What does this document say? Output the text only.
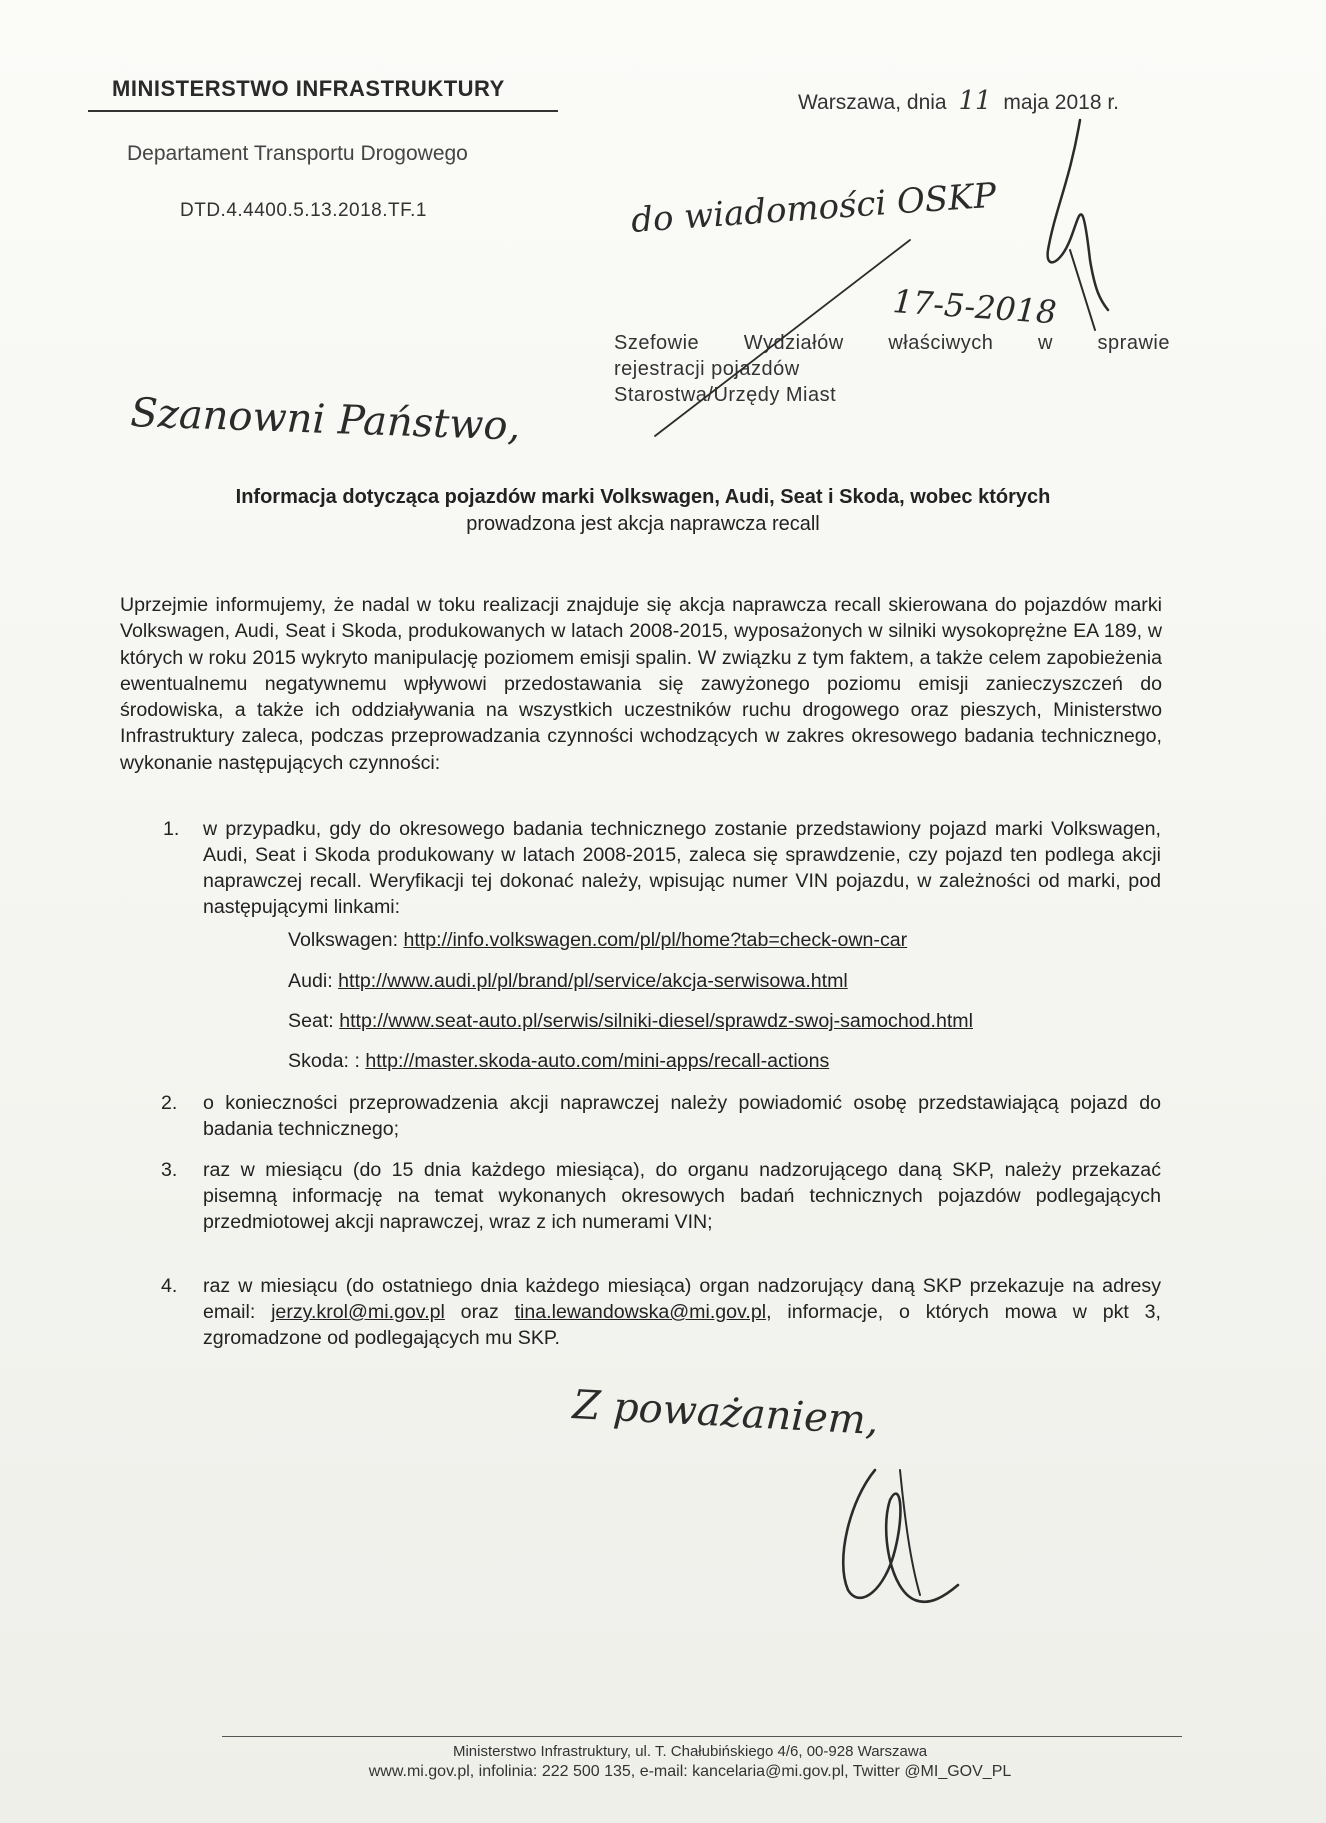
MINISTERSTWO INFRASTRUKTURY
Warszawa, dnia 11 maja 2018 r.
Departament Transportu Drogowego
DTD.4.4400.5.13.2018.TF.1
Szefowie Wydziałów właściwych w sprawie
rejestracji pojazdów
Starostwa/Urzędy Miast
Informacja dotycząca pojazdów marki Volkswagen, Audi, Seat i Skoda, wobec których
prowadzona jest akcja naprawcza recall
Uprzejmie informujemy, że nadal w toku realizacji znajduje się akcja naprawcza recall skierowana do pojazdów marki Volkswagen, Audi, Seat i Skoda, produkowanych w latach 2008-2015, wyposażonych w silniki wysokoprężne EA 189, w których w roku 2015 wykryto manipulację poziomem emisji spalin. W związku z tym faktem, a także celem zapobieżenia ewentualnemu negatywnemu wpływowi przedostawania się zawyżonego poziomu emisji zanieczyszczeń do środowiska, a także ich oddziaływania na wszystkich uczestników ruchu drogowego oraz pieszych, Ministerstwo Infrastruktury zaleca, podczas przeprowadzania czynności wchodzących w zakres okresowego badania technicznego, wykonanie następujących czynności:
1.	w przypadku, gdy do okresowego badania technicznego zostanie przedstawiony pojazd marki Volkswagen, Audi, Seat i Skoda produkowany w latach 2008-2015, zaleca się sprawdzenie, czy pojazd ten podlega akcji naprawczej recall. Weryfikacji tej dokonać należy, wpisując numer VIN pojazdu, w zależności od marki, pod następującymi linkami:
Volkswagen: http://info.volkswagen.com/pl/pl/home?tab=check-own-car
Audi: http://www.audi.pl/pl/brand/pl/service/akcja-serwisowa.html
Seat: http://www.seat-auto.pl/serwis/silniki-diesel/sprawdz-swoj-samochod.html
Skoda: : http://master.skoda-auto.com/mini-apps/recall-actions
2.	o konieczności przeprowadzenia akcji naprawczej należy powiadomić osobę przedstawiającą pojazd do badania technicznego;
3.	raz w miesiącu (do 15 dnia każdego miesiąca), do organu nadzorującego daną SKP, należy przekazać pisemną informację na temat wykonanych okresowych badań technicznych pojazdów podlegających przedmiotowej akcji naprawczej, wraz z ich numerami VIN;
4.	raz w miesiącu (do ostatniego dnia każdego miesiąca) organ nadzorujący daną SKP przekazuje na adresy email: jerzy.krol@mi.gov.pl oraz tina.lewandowska@mi.gov.pl, informacje, o których mowa w pkt 3, zgromadzone od podlegających mu SKP.
Ministerstwo Infrastruktury, ul. T. Chałubińskiego 4/6, 00-928 Warszawa
www.mi.gov.pl, infolinia: 222 500 135, e-mail: kancelaria@mi.gov.pl, Twitter @MI_GOV_PL
do wiadomości OSKP
17-5-2018
Szanowni Państwo,
Z poważaniem,
